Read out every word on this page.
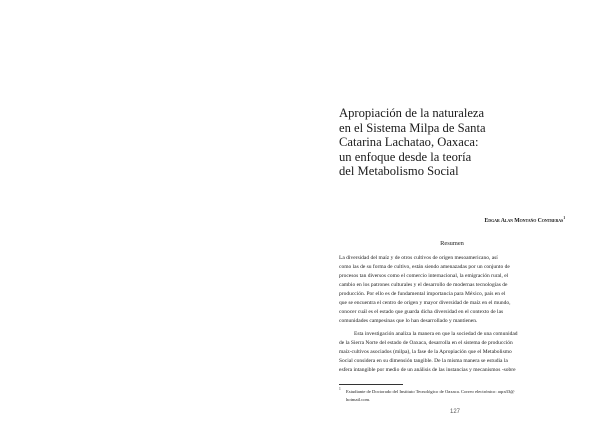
Apropiación de la naturaleza
en el Sistema Milpa de Santa
Catarina Lachatao, Oaxaca:
un enfoque desde la teoría
del Metabolismo Social
Edgar Alan Montaño Contreras$^1$
Resumen
La diversidad del maíz y de otros cultivos de origen mesoamericano, así
como las de su forma de cultivo, están siendo amenazadas por un conjunto de
procesos tan diversos como el comercio internacional, la emigración rural, el
cambio en los patrones culturales y el desarrollo de modernas tecnologías de
producción. Por ello es de fundamental importancia para México, país en el
que se encuentra el centro de origen y mayor diversidad de maíz en el mundo,
conocer cuál es el estado que guarda dicha diversidad en el contexto de las
comunidades campesinas que lo han desarrollado y mantienen.
Esta investigación analiza la manera en que la sociedad de una comunidad
de la Sierra Norte del estado de Oaxaca, desarrolla en el sistema de producción
maíz-cultivos asociados (milpa), la fase de la Apropiación que el Metabolismo
Social considera en su dimensión tangible. De la misma manera se estudia la
esfera intangible por medio de un análisis de las instancias y mecanismos -sobre
1 Estudiante de Doctorado del Instituto Tecnológico de Oaxaca. Correo electrónico: aqra33@
hotmail.com.
127
